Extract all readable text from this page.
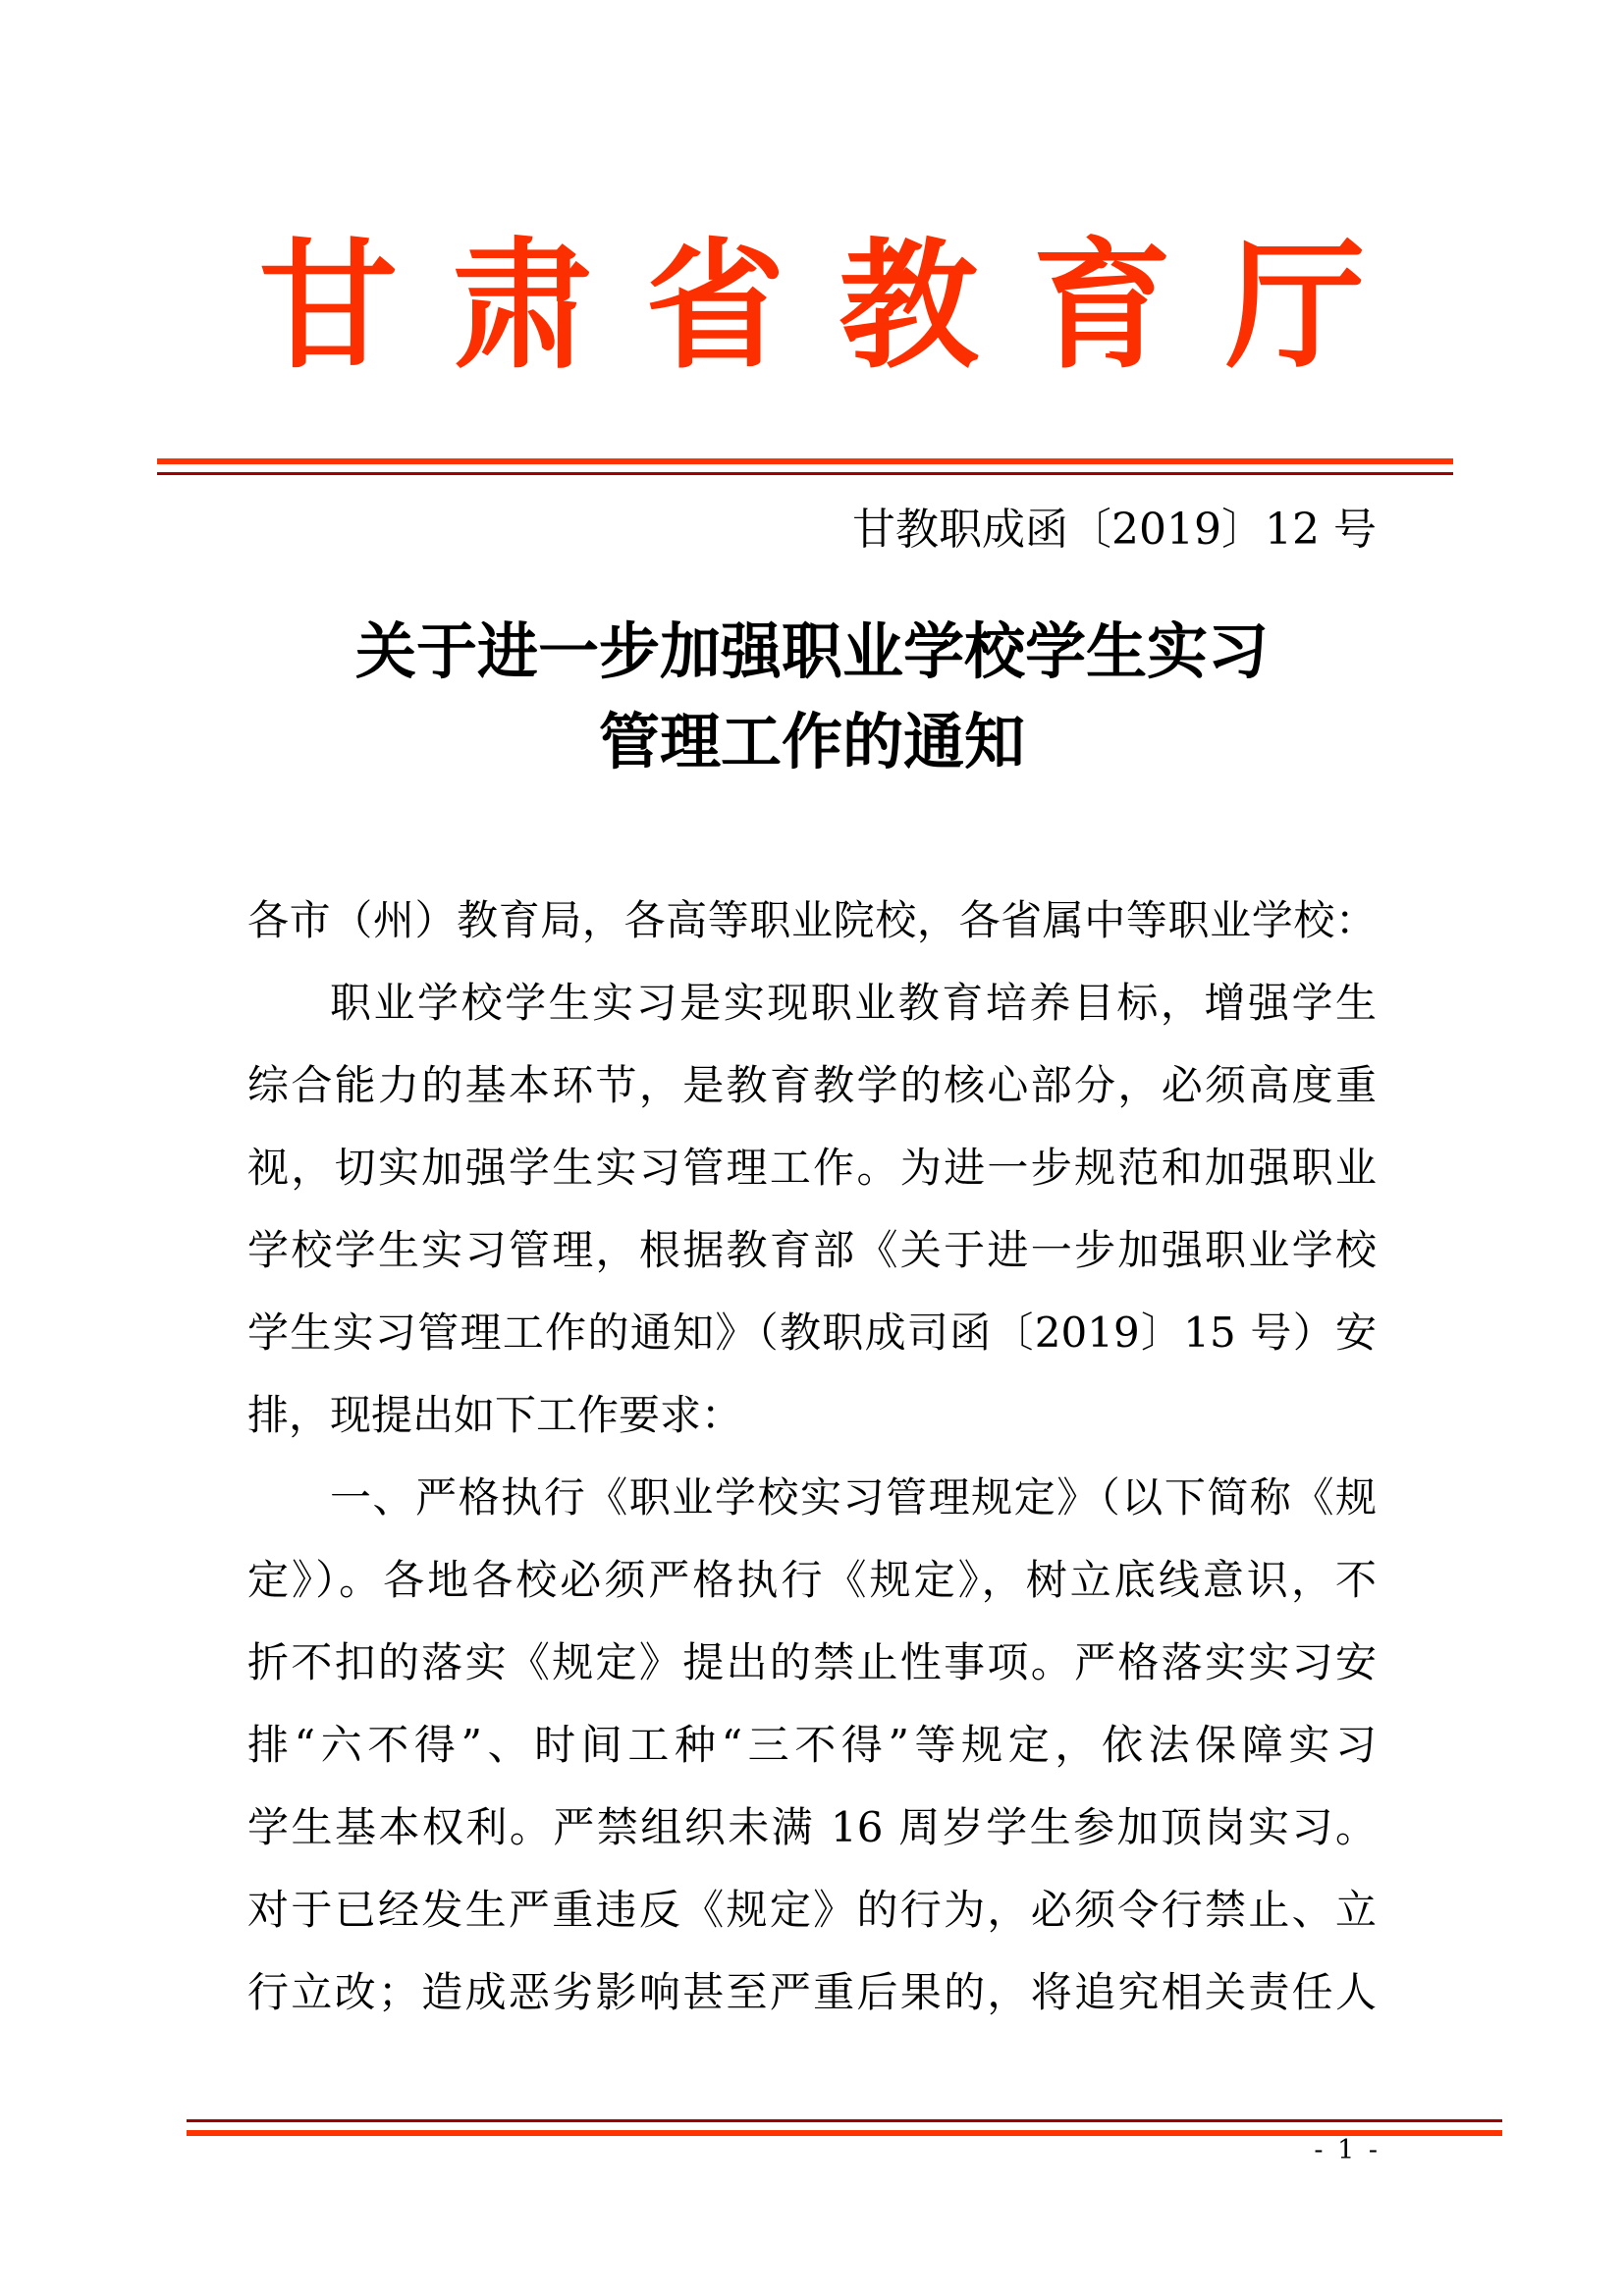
甘肃省教育厅
甘教职成函〔2019〕12 号
关于进一步加强职业学校学生实习
管理工作的通知
各市（州）教育局，各高等职业院校，各省属中等职业学校：
职业学校学生实习是实现职业教育培养目标，增强学生
综合能力的基本环节，是教育教学的核心部分，必须高度重
视，切实加强学生实习管理工作。为进一步规范和加强职业
学校学生实习管理，根据教育部《关于进一步加强职业学校
学生实习管理工作的通知》（教职成司函〔2019〕15 号）安
排，现提出如下工作要求：
一、严格执行《职业学校实习管理规定》（以下简称《规
定》）。各地各校必须严格执行《规定》，树立底线意识，不
折不扣的落实《规定》提出的禁止性事项。严格落实实习安
排“六不得”、时间工种“三不得”等规定，依法保障实习
学生基本权利。严禁组织未满 16 周岁学生参加顶岗实习。
对于已经发生严重违反《规定》的行为，必须令行禁止、立
行立改；造成恶劣影响甚至严重后果的，将追究相关责任人
- 1 -
